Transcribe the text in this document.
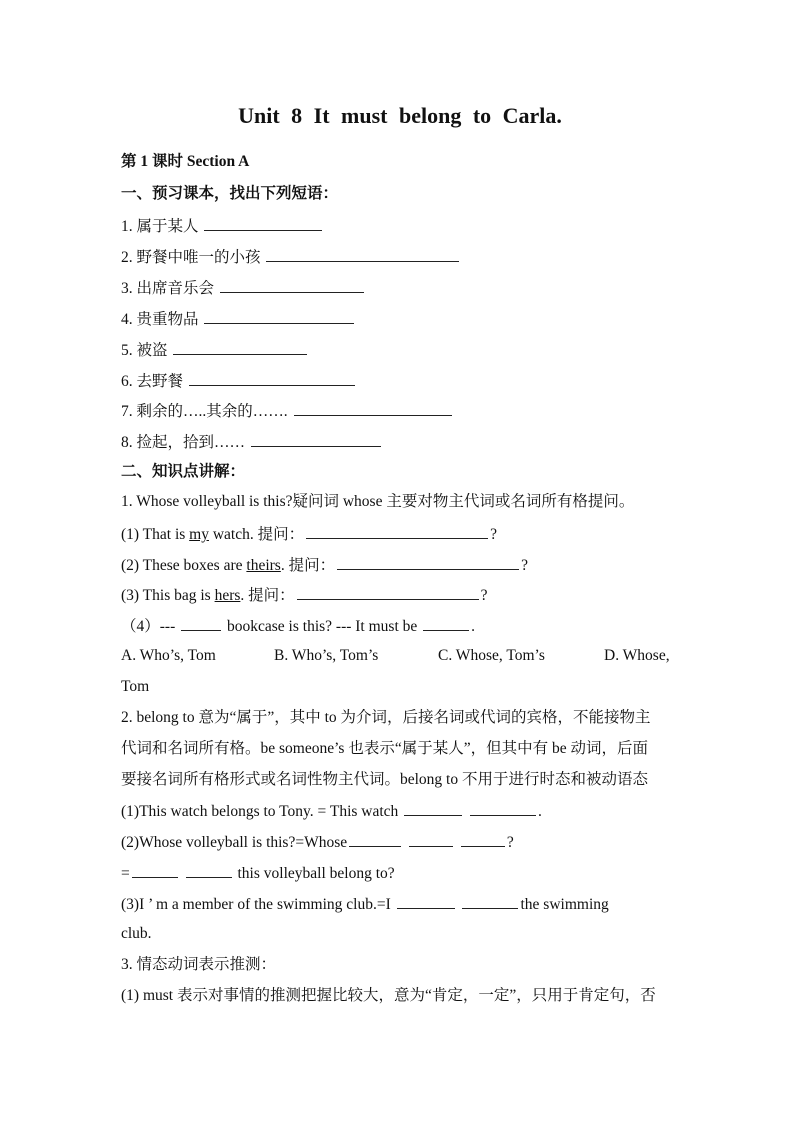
Unit 8 It must belong to Carla.
第 1 课时 Section A
一、预习课本，找出下列短语：
1. 属于某人
2. 野餐中唯一的小孩
3. 出席音乐会
4. 贵重物品
5. 被盗
6. 去野餐
7. 剩余的…..其余的…….
8. 捡起，拾到……
二、知识点讲解：
1. Whose volleyball is this?疑问词 whose 主要对物主代词或名词所有格提问。
(1) That is my watch. 提问：	?
(2) These boxes are theirs. 提问：	?
(3) This bag is hers. 提问：	?
（4）---	bookcase is this? --- It must be	.
A. Who’s, Tom	B. Who’s, Tom’s	C. Whose, Tom’s	D. Whose,
Tom
2. belong to 意为“属于”，其中 to 为介词，后接名词或代词的宾格，不能接物主
代词和名词所有格。be someone’s 也表示“属于某人”，但其中有 be 动词，后面
要接名词所有格形式或名词性物主代词。belong to 不用于进行时态和被动语态
(1)This watch belongs to Tony. = This watch	.
(2)Whose volleyball is this?=Whose	?
=	this volleyball belong to?
(3)I ’ m a member of the swimming club.=I	the swimming
club.
3. 情态动词表示推测：
(1) must 表示对事情的推测把握比较大，意为“肯定，一定”，只用于肯定句，否
